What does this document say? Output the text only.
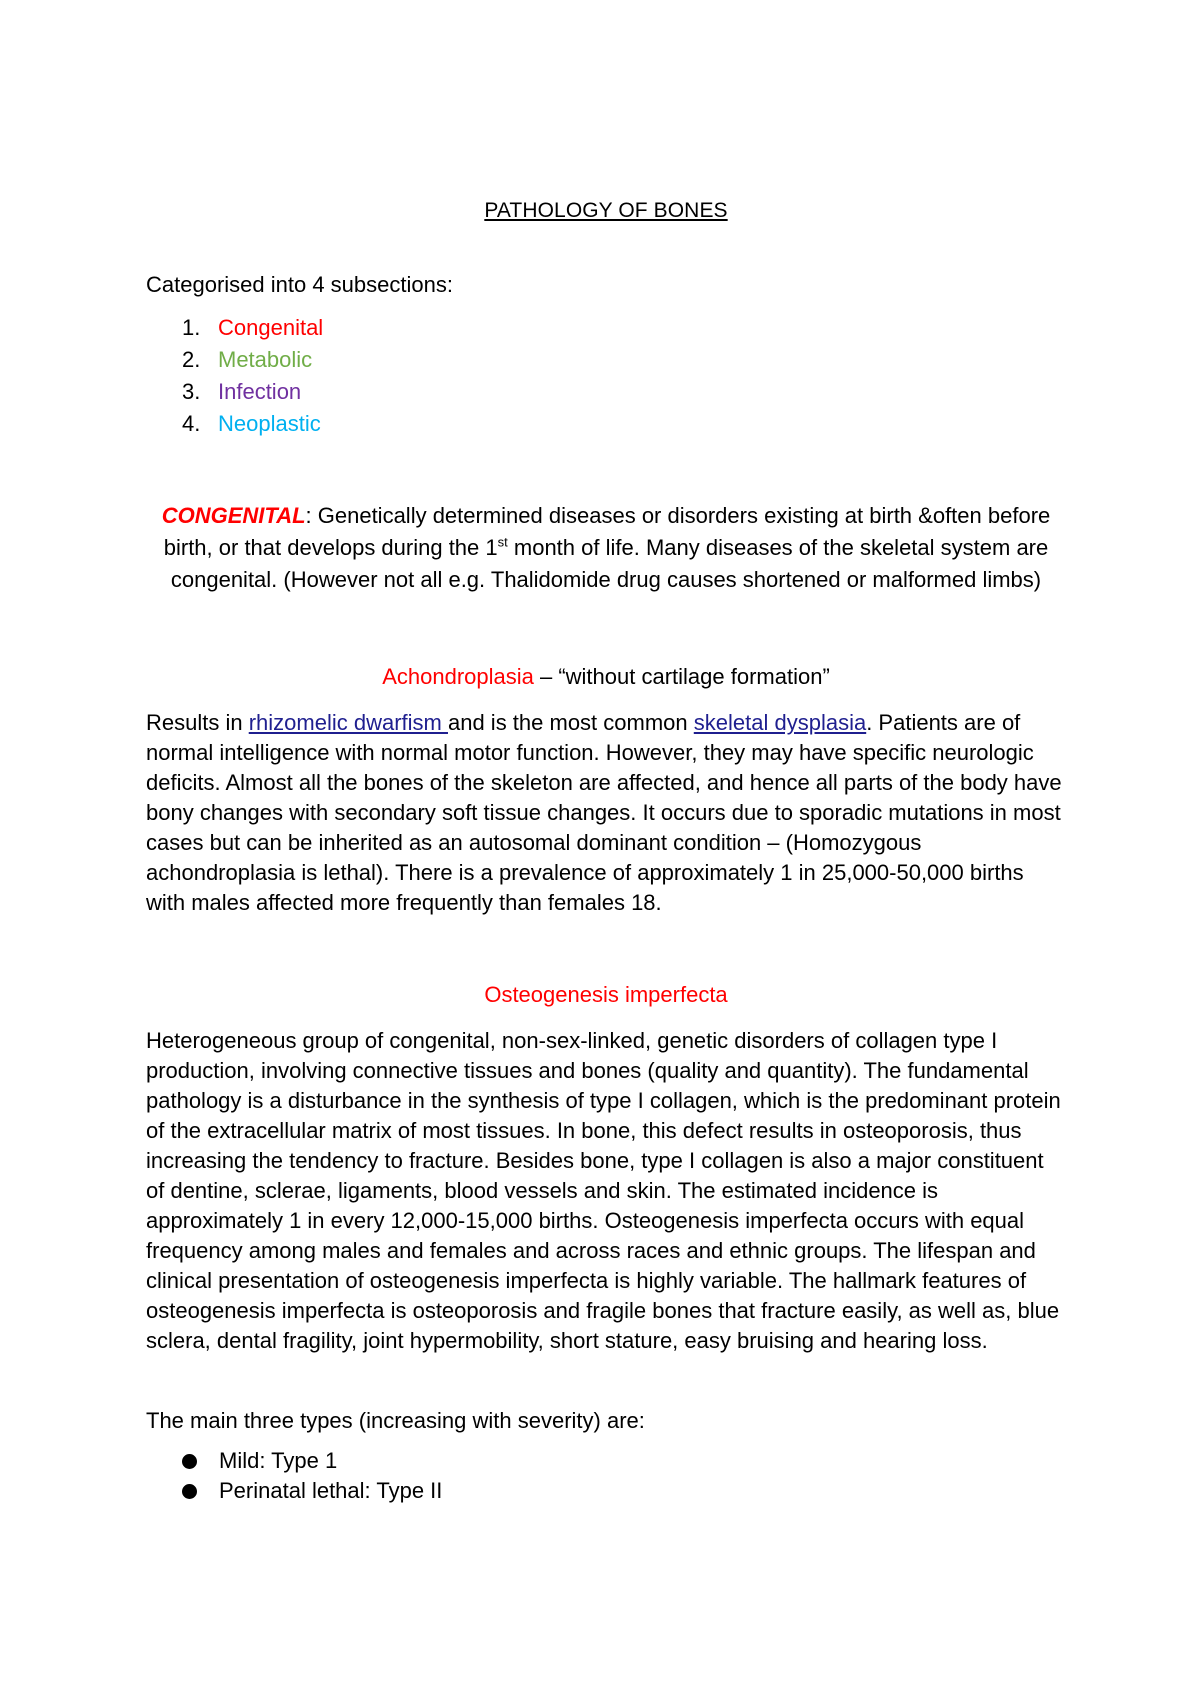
PATHOLOGY OF BONES
Categorised into 4 subsections:
1. Congenital
2. Metabolic
3. Infection
4. Neoplastic

CONGENITAL: Genetically determined diseases or disorders existing at birth &often before birth, or that develops during the 1st month of life. Many diseases of the skeletal system are congenital. (However not all e.g. Thalidomide drug causes shortened or malformed limbs)

Achondroplasia – “without cartilage formation”

Results in rhizomelic dwarfism and is the most common skeletal dysplasia. Patients are of normal intelligence with normal motor function. However, they may have specific neurologic deficits. Almost all the bones of the skeleton are affected, and hence all parts of the body have bony changes with secondary soft tissue changes. It occurs due to sporadic mutations in most cases but can be inherited as an autosomal dominant condition – (Homozygous achondroplasia is lethal). There is a prevalence of approximately 1 in 25,000-50,000 births with males affected more frequently than females 18.

Osteogenesis imperfecta

Heterogeneous group of congenital, non-sex-linked, genetic disorders of collagen type I production, involving connective tissues and bones (quality and quantity). The fundamental pathology is a disturbance in the synthesis of type I collagen, which is the predominant protein of the extracellular matrix of most tissues. In bone, this defect results in osteoporosis, thus increasing the tendency to fracture. Besides bone, type I collagen is also a major constituent of dentine, sclerae, ligaments, blood vessels and skin. The estimated incidence is approximately 1 in every 12,000-15,000 births. Osteogenesis imperfecta occurs with equal frequency among males and females and across races and ethnic groups. The lifespan and clinical presentation of osteogenesis imperfecta is highly variable. The hallmark features of osteogenesis imperfecta is osteoporosis and fragile bones that fracture easily, as well as, blue sclera, dental fragility, joint hypermobility, short stature, easy bruising and hearing loss.

The main three types (increasing with severity) are:
Mild: Type 1
Perinatal lethal: Type II
